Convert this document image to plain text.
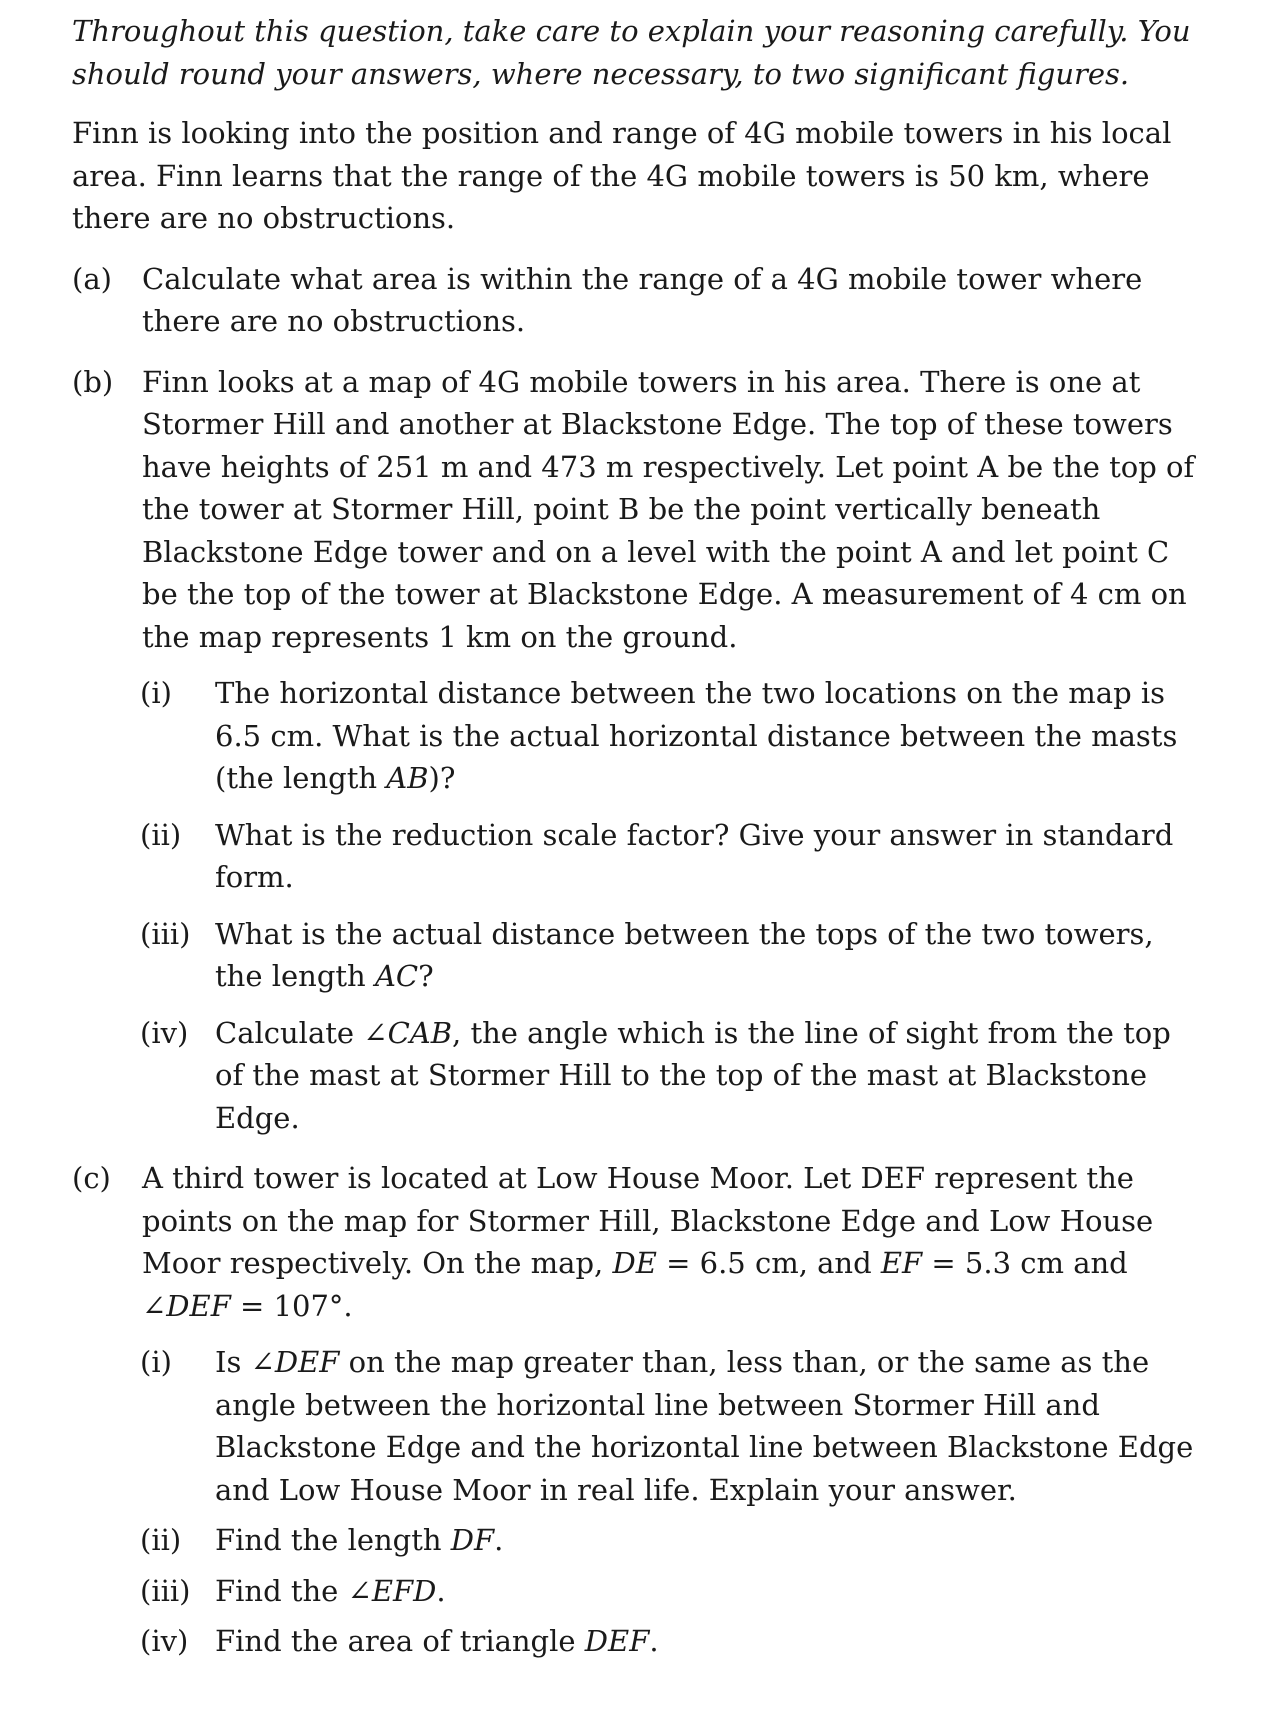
Throughout this question, take care to explain your reasoning carefully. You should round your answers, where necessary, to two significant figures.

Finn is looking into the position and range of 4G mobile towers in his local area. Finn learns that the range of the 4G mobile towers is 50 km, where there are no obstructions.

(a)	Calculate what area is within the range of a 4G mobile tower where there are no obstructions.
(b) Finn looks at a map of 4G mobile towers in his area. There is one at Stormer Hill and another at Blackstone Edge. The top of these towers have heights of 251 m and 473 m respectively. Let point A be the top of the tower at Stormer Hill, point B be the point vertically beneath Blackstone Edge tower and on a level with the point A and let point C be the top of the tower at Blackstone Edge. A measurement of 4 cm on the map represents 1 km on the ground.
(i)	The horizontal distance between the two locations on the map is 6.5 cm. What is the actual horizontal distance between the masts (the length AB)?
(ii)	What is the reduction scale factor? Give your answer in standard form.
(iii) What is the actual distance between the tops of the two towers, the length AC?
(iv) Calculate ∠CAB, the angle which is the line of sight from the top of the mast at Stormer Hill to the top of the mast at Blackstone Edge.
(c)	A third tower is located at Low House Moor. Let DEF represent the points on the map for Stormer Hill, Blackstone Edge and Low House Moor respectively. On the map, DE = 6.5 cm, and EF = 5.3 cm and ∠DEF = 107°.
(i)	Is ∠DEF on the map greater than, less than, or the same as the angle between the horizontal line between Stormer Hill and Blackstone Edge and the horizontal line between Blackstone Edge and Low House Moor in real life. Explain your answer.
(ii)	Find the length DF.
(iii) Find the ∠EFD.
(iv) Find the area of triangle DEF.
